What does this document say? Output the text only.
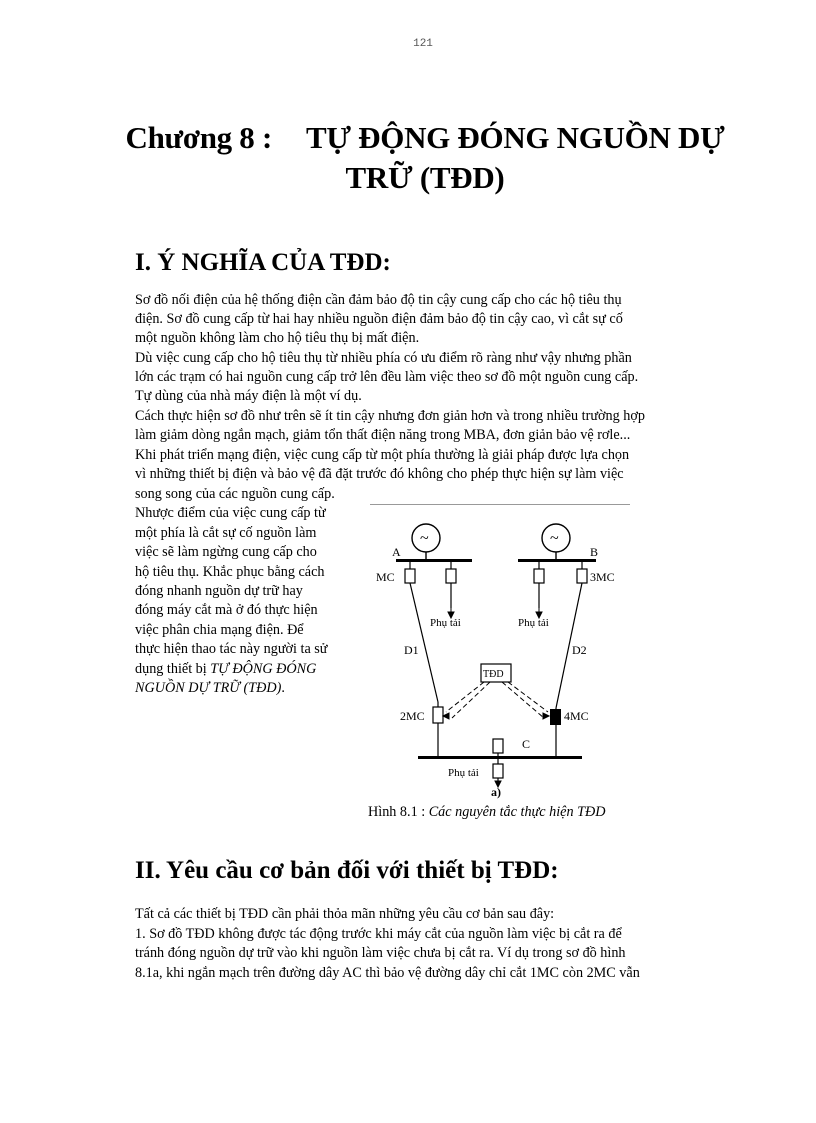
121
Chương 8 : TỰ ĐỘNG ĐÓNG NGUỒN DỰ
TRỮ (TĐD)
I. Ý NGHĨA CỦA TĐD:
Sơ đồ nối điện của hệ thống điện cần đảm bảo độ tin cậy cung cấp cho các hộ tiêu thụ
điện. Sơ đồ cung cấp từ hai hay nhiều nguồn điện đảm bảo độ tin cậy cao, vì cắt sự cố
một nguồn không làm cho hộ tiêu thụ bị mất điện.
Dù việc cung cấp cho hộ tiêu thụ từ nhiều phía có ưu điểm rõ ràng như vậy nhưng phần
lớn các trạm có hai nguồn cung cấp trở lên đều làm việc theo sơ đồ một nguồn cung cấp.
Tự dùng của nhà máy điện là một ví dụ.
Cách thực hiện sơ đồ như trên sẽ ít tin cậy nhưng đơn giản hơn và trong nhiều trường hợp
làm giảm dòng ngắn mạch, giảm tổn thất điện năng trong MBA, đơn giản bảo vệ rơle...
Khi phát triển mạng điện, việc cung cấp từ một phía thường là giải pháp được lựa chọn
vì những thiết bị điện và bảo vệ đã đặt trước đó không cho phép thực hiện sự làm việc
song song của các nguồn cung cấp.
Nhược điểm của việc cung cấp từ
một phía là cắt sự cố nguồn làm
việc sẽ làm ngừng cung cấp cho
hộ tiêu thụ. Khắc phục bằng cách
đóng nhanh nguồn dự trữ hay
đóng máy cắt mà ở đó thực hiện
việc phân chia mạng điện. Để
thực hiện thao tác này người ta sử
dụng thiết bị TỰ ĐỘNG ĐÓNG
NGUỒN DỰ TRỮ (TĐD).
A	B
C
MC	3MC
2MC	4MC
D1	D2
TĐD
Phụ tải	Phụ tải
Phụ tải
a)
~	~
Hình 8.1 : Các nguyên tắc thực hiện TĐD
II. Yêu cầu cơ bản đối với thiết bị TĐD:
Tất cả các thiết bị TĐD cần phải thỏa mãn những yêu cầu cơ bản sau đây:
1. Sơ đồ TĐD không được tác động trước khi máy cắt của nguồn làm việc bị cắt ra để
tránh đóng nguồn dự trữ vào khi nguồn làm việc chưa bị cắt ra. Ví dụ trong sơ đồ hình
8.1a, khi ngắn mạch trên đường dây AC thì bảo vệ đường dây chỉ cắt 1MC còn 2MC vẫn
